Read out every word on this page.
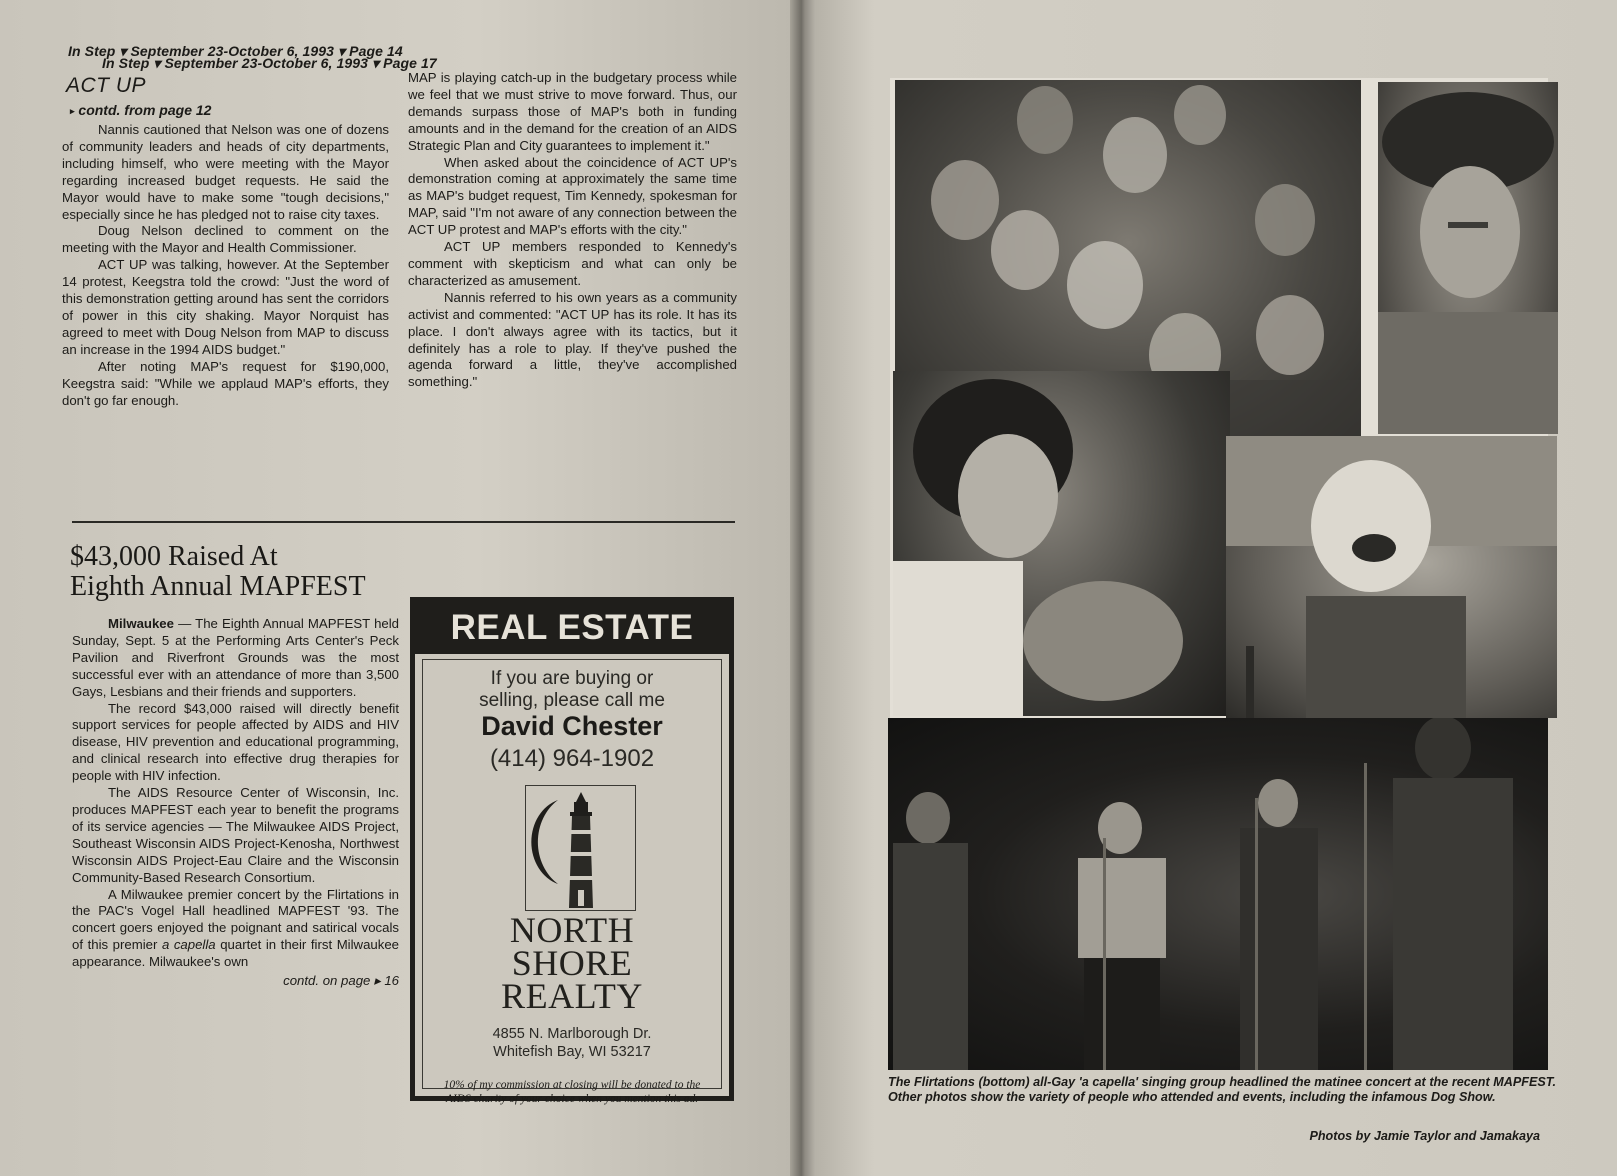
In Step ▾ September 23-October 6, 1993 ▾ Page 14
ACT UP
▸ contd. from page 12

Nannis cautioned that Nelson was one of dozens of community leaders and heads of city departments, including himself, who were meeting with the Mayor regarding increased budget requests. He said the Mayor would have to make some "tough decisions," especially since he has pledged not to raise city taxes.

Doug Nelson declined to comment on the meeting with the Mayor and Health Commissioner.

ACT UP was talking, however. At the September 14 protest, Keegstra told the crowd: "Just the word of this demonstration getting around has sent the corridors of power in this city shaking. Mayor Norquist has agreed to meet with Doug Nelson from MAP to discuss an increase in the 1994 AIDS budget."

After noting MAP's request for $190,000, Keegstra said: "While we applaud MAP's efforts, they don't go far enough.

MAP is playing catch-up in the budgetary process while we feel that we must strive to move forward. Thus, our demands surpass those of MAP's both in funding amounts and in the demand for the creation of an AIDS Strategic Plan and City guarantees to implement it."

When asked about the coincidence of ACT UP's demonstration coming at approximately the same time as MAP's budget request, Tim Kennedy, spokesman for MAP, said "I'm not aware of any connection between the ACT UP protest and MAP's efforts with the city."

ACT UP members responded to Kennedy's comment with skepticism and what can only be characterized as amusement.

Nannis referred to his own years as a community activist and commented: "ACT UP has its role. It has its place. I don't always agree with its tactics, but it definitely has a role to play. If they've pushed the agenda forward a little, they've accomplished something."

$43,000 Raised At
Eighth Annual MAPFEST

Milwaukee — The Eighth Annual MAPFEST held Sunday, Sept. 5 at the Performing Arts Center's Peck Pavilion and Riverfront Grounds was the most successful ever with an attendance of more than 3,500 Gays, Lesbians and their friends and supporters.

The record $43,000 raised will directly benefit support services for people affected by AIDS and HIV disease, HIV prevention and educational programming, and clinical research into effective drug therapies for people with HIV infection.

The AIDS Resource Center of Wisconsin, Inc. produces MAPFEST each year to benefit the programs of its service agencies — The Milwaukee AIDS Project, Southeast Wisconsin AIDS Project-Kenosha, Northwest Wisconsin AIDS Project-Eau Claire and the Wisconsin Community-Based Research Consortium.

A Milwaukee premier concert by the Flirtations in the PAC's Vogel Hall headlined MAPFEST '93. The concert goers enjoyed the poignant and satirical vocals of this premier a capella quartet in their first Milwaukee appearance. Milwaukee's own

contd. on page ▸ 16

REAL ESTATE
If you are buying or
selling, please call me
David Chester
(414) 964-1902
NORTH
SHORE
REALTY
4855 N. Marlborough Dr.
Whitefish Bay, WI 53217
10% of my commission at closing will be donated to the AIDS charity of your choice when you mention this ad.
In Step ▾ September 23-October 6, 1993 ▾ Page 17
The Flirtations (bottom) all-Gay 'a capella' singing group headlined the matinee concert at the recent MAPFEST. Other photos show the variety of people who attended and events, including the infamous Dog Show.
Photos by Jamie Taylor and Jamakaya
